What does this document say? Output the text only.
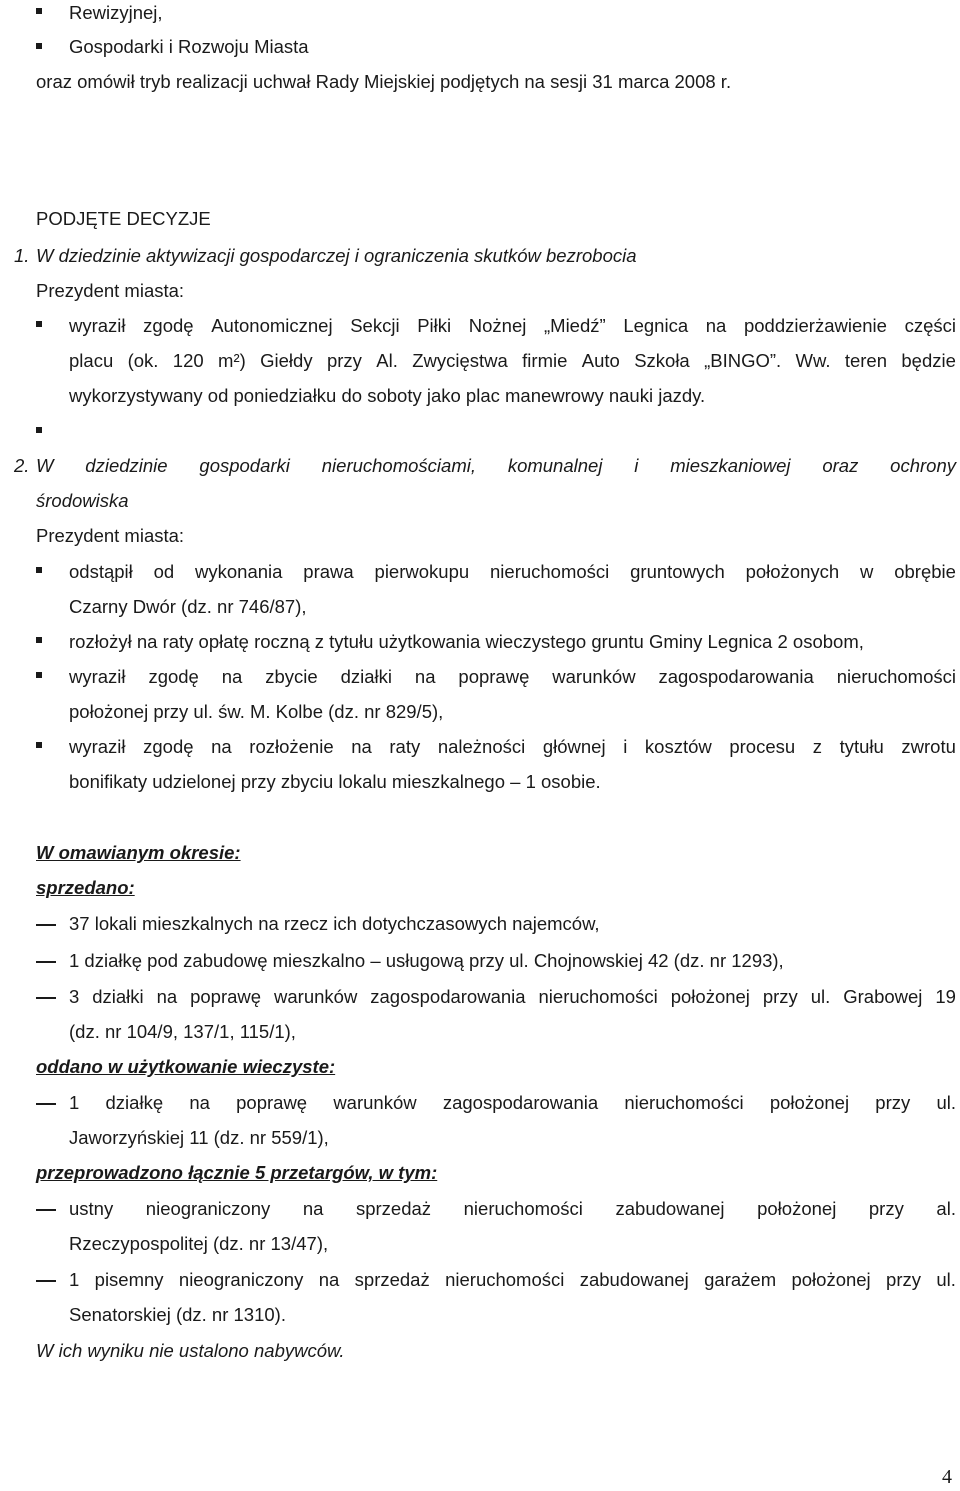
Rewizyjnej,
Gospodarki i Rozwoju Miasta
oraz omówił tryb realizacji uchwał Rady Miejskiej podjętych na sesji 31 marca 2008 r.
PODJĘTE DECYZJE
1. W dziedzinie aktywizacji gospodarczej i ograniczenia skutków bezrobocia
Prezydent miasta:
wyraził zgodę Autonomicznej Sekcji Piłki Nożnej „Miedź” Legnica na poddzierżawienie części
placu (ok. 120 m²) Giełdy przy Al. Zwycięstwa firmie Auto Szkoła „BINGO”. Ww. teren będzie
wykorzystywany od poniedziałku do soboty jako plac manewrowy nauki jazdy.
2. W dziedzinie gospodarki nieruchomościami, komunalnej i mieszkaniowej oraz ochrony
środowiska
Prezydent miasta:
odstąpił od wykonania prawa pierwokupu nieruchomości gruntowych położonych w obrębie
Czarny Dwór (dz. nr 746/87),
rozłożył na raty opłatę roczną z tytułu użytkowania wieczystego gruntu Gminy Legnica 2 osobom,
wyraził zgodę na zbycie działki na poprawę warunków zagospodarowania nieruchomości
położonej przy ul. św. M. Kolbe (dz. nr 829/5),
wyraził zgodę na rozłożenie na raty należności głównej i kosztów procesu z tytułu zwrotu
bonifikaty udzielonej przy zbyciu lokalu mieszkalnego – 1 osobie.
W omawianym okresie:
sprzedano:
37 lokali mieszkalnych na rzecz ich dotychczasowych najemców,
1 działkę pod zabudowę mieszkalno – usługową przy ul. Chojnowskiej 42 (dz. nr 1293),
3 działki na poprawę warunków zagospodarowania nieruchomości położonej przy ul. Grabowej 19
(dz. nr 104/9, 137/1, 115/1),
oddano w użytkowanie wieczyste:
1 działkę na poprawę warunków zagospodarowania nieruchomości położonej przy ul.
Jaworzyńskiej 11 (dz. nr 559/1),
przeprowadzono łącznie 5 przetargów, w tym:
ustny nieograniczony na sprzedaż nieruchomości zabudowanej położonej przy al.
Rzeczypospolitej (dz. nr 13/47),
1 pisemny nieograniczony na sprzedaż nieruchomości zabudowanej garażem położonej przy ul.
Senatorskiej (dz. nr 1310).
W ich wyniku nie ustalono nabywców.
4
